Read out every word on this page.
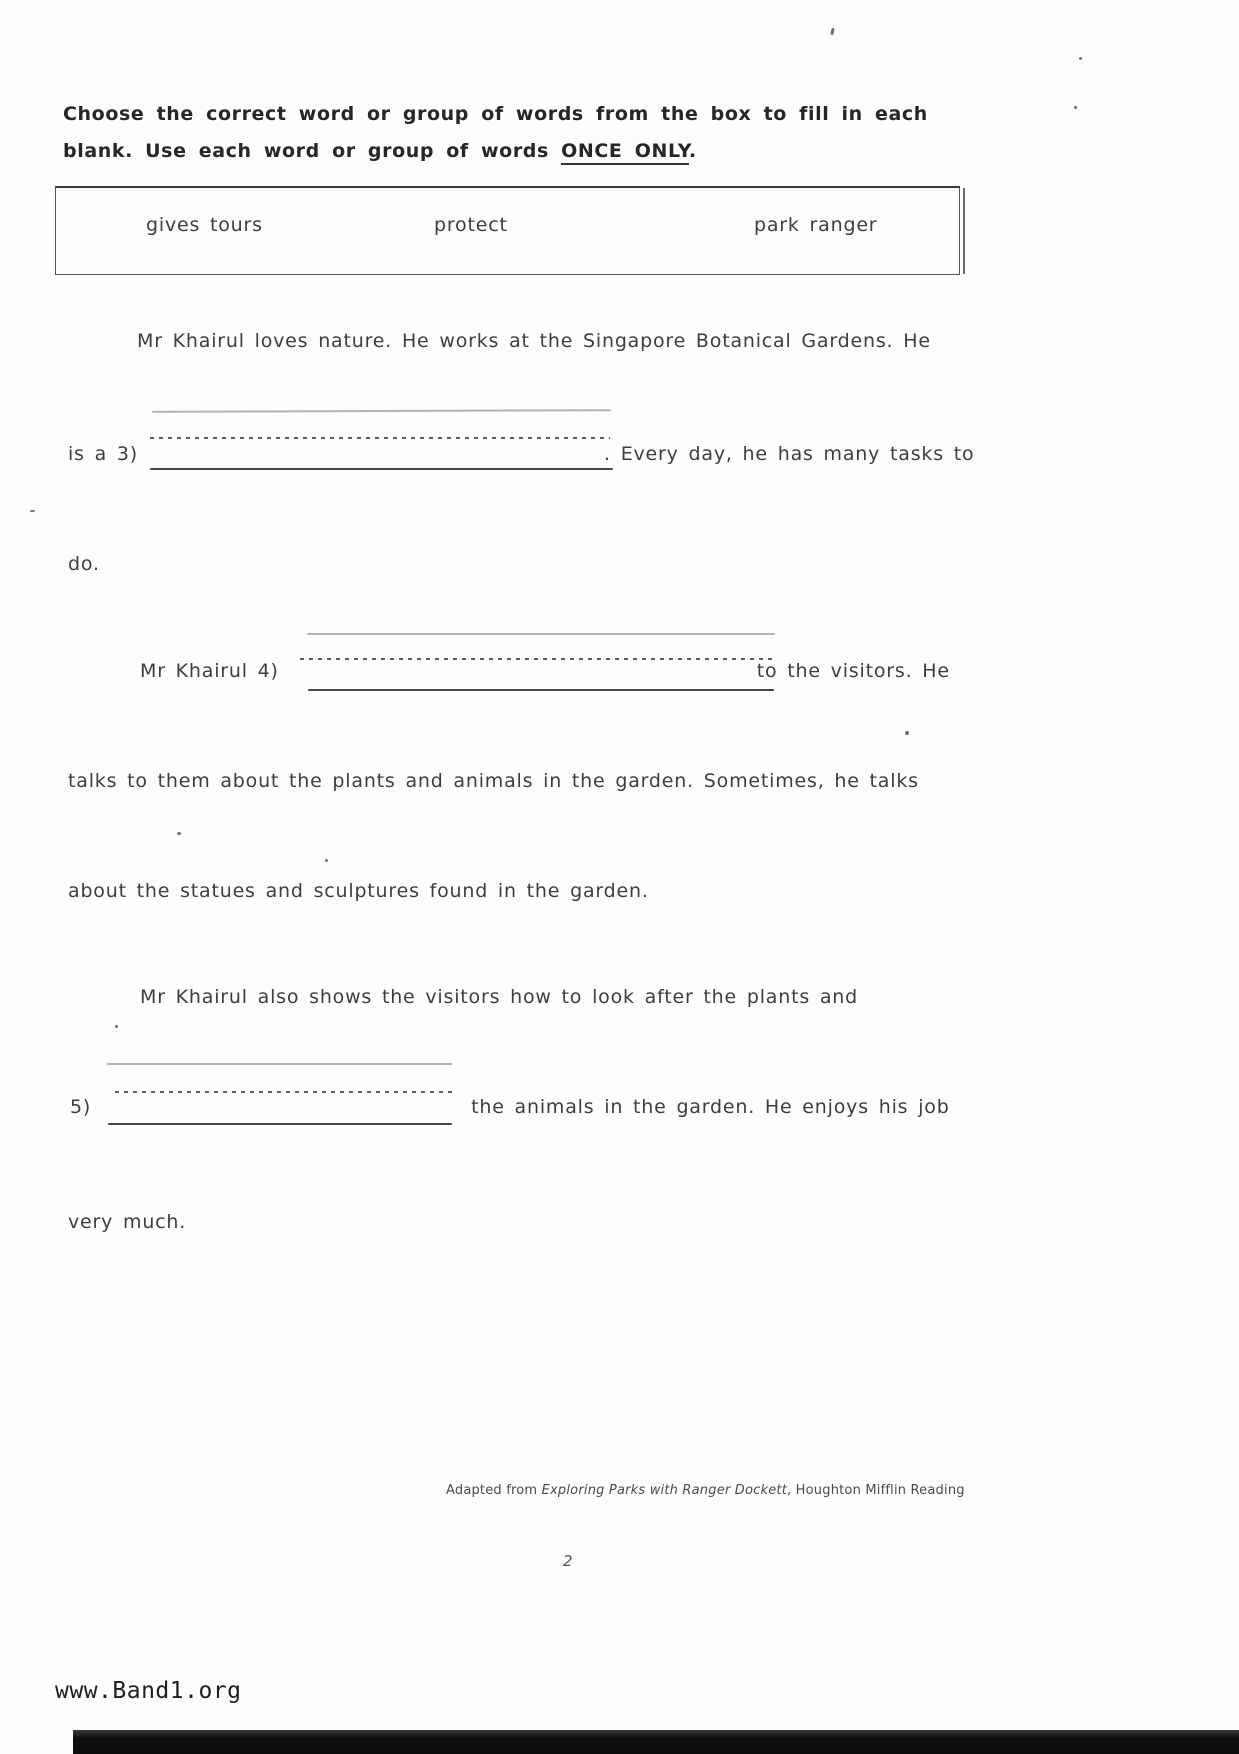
Choose the correct word or group of words from the box to fill in each
blank. Use each word or group of words ONCE ONLY.
gives tours	protect	park ranger
Mr Khairul loves nature. He works at the Singapore Botanical Gardens. He
is a 3)	. Every day, he has many tasks to
do.
Mr Khairul 4)	to the visitors. He
talks to them about the plants and animals in the garden. Sometimes, he talks
about the statues and sculptures found in the garden.
Mr Khairul also shows the visitors how to look after the plants and
5)	the animals in the garden. He enjoys his job
very much.
Adapted from Exploring Parks with Ranger Dockett, Houghton Mifflin Reading
2
www.Band1.org
